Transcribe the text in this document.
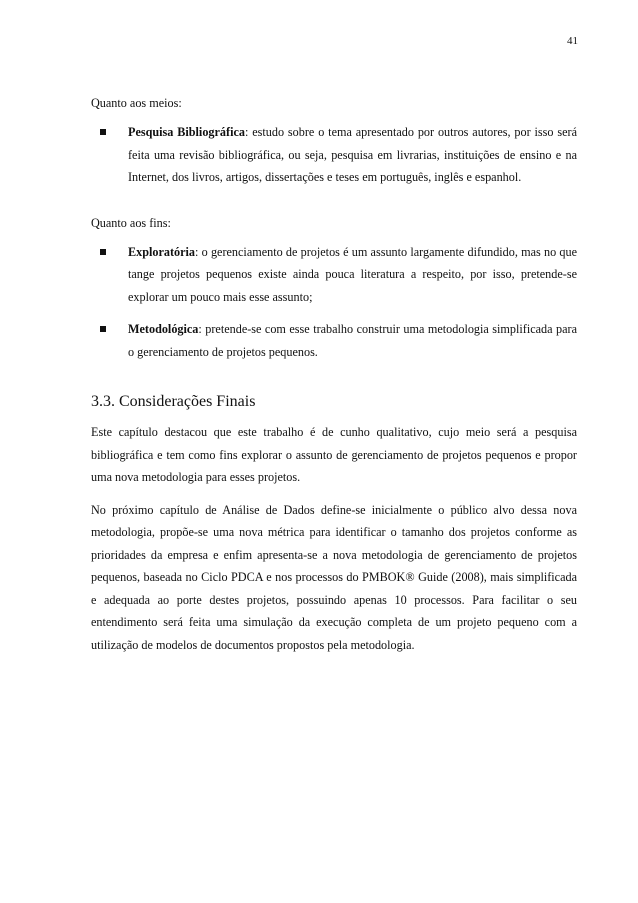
41

Quanto aos meios:

Pesquisa Bibliográfica: estudo sobre o tema apresentado por outros autores, por isso será feita uma revisão bibliográfica, ou seja, pesquisa em livrarias, instituições de ensino e na Internet, dos livros, artigos, dissertações e teses em português, inglês e espanhol.

Quanto aos fins:

Exploratória: o gerenciamento de projetos é um assunto largamente difundido, mas no que tange projetos pequenos existe ainda pouca literatura a respeito, por isso, pretende-se explorar um pouco mais esse assunto;
Metodológica: pretende-se com esse trabalho construir uma metodologia simplificada para o gerenciamento de projetos pequenos.
3.3. Considerações Finais

Este capítulo destacou que este trabalho é de cunho qualitativo, cujo meio será a pesquisa bibliográfica e tem como fins explorar o assunto de gerenciamento de projetos pequenos e propor uma nova metodologia para esses projetos.

No próximo capítulo de Análise de Dados define-se inicialmente o público alvo dessa nova metodologia, propõe-se uma nova métrica para identificar o tamanho dos projetos conforme as prioridades da empresa e enfim apresenta-se a nova metodologia de gerenciamento de projetos pequenos, baseada no Ciclo PDCA e nos processos do PMBOK® Guide (2008), mais simplificada e adequada ao porte destes projetos, possuindo apenas 10 processos. Para facilitar o seu entendimento será feita uma simulação da execução completa de um projeto pequeno com a utilização de modelos de documentos propostos pela metodologia.
